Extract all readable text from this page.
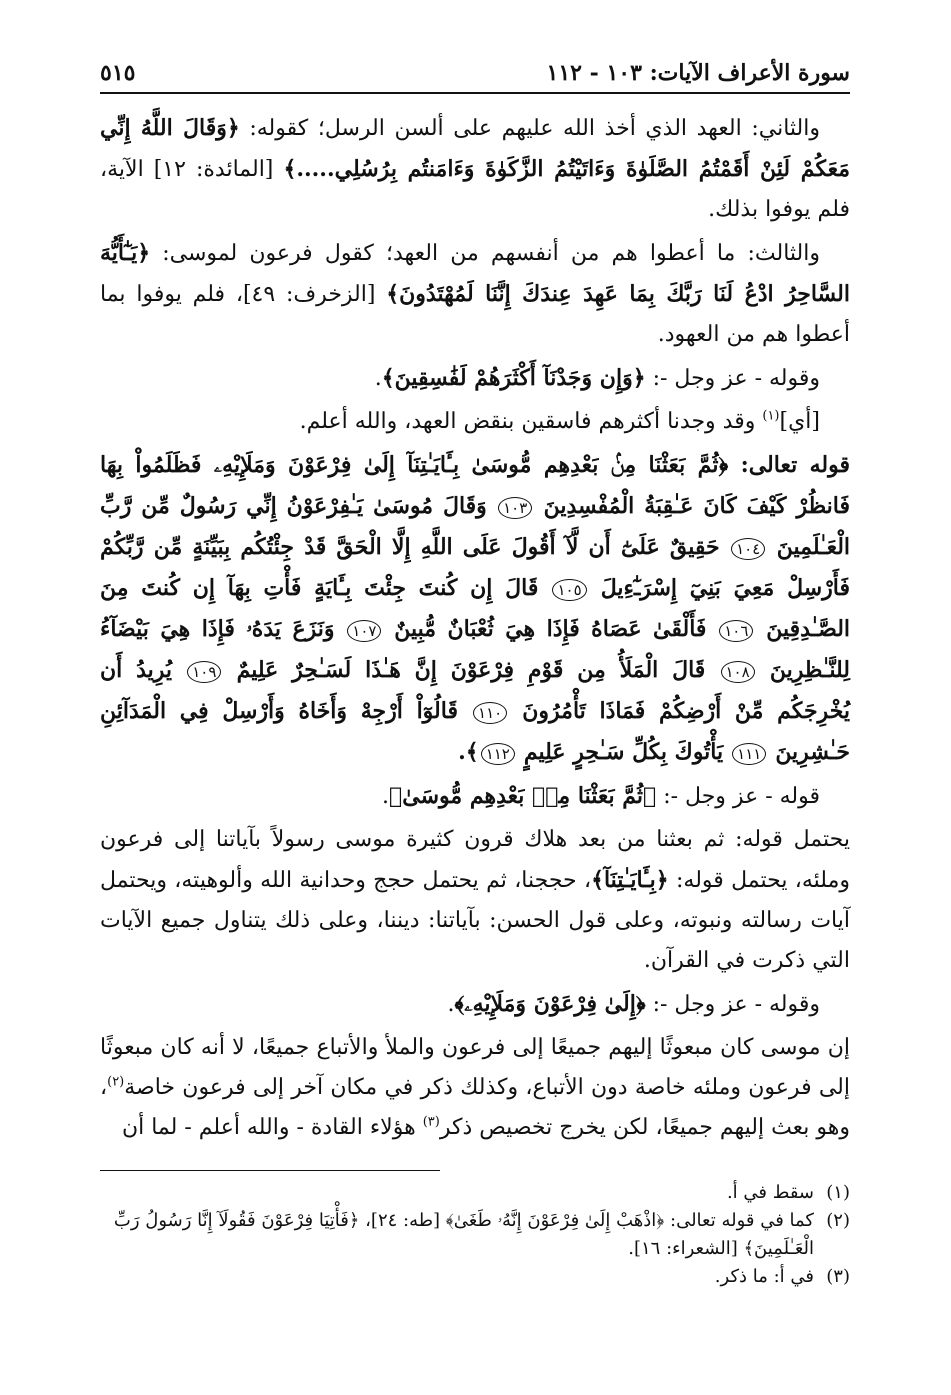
سورة الأعراف الآيات: ١٠٣ - ١١٢
٥١٥

والثاني: العهد الذي أخذ الله عليهم على ألسن الرسل؛ كقوله: ﴿وَقَالَ اللَّهُ إِنِّي مَعَكُمْ لَئِنْ أَقَمْتُمُ الصَّلَوٰةَ وَءَاتَيْتُمُ الزَّكَوٰةَ وَءَامَنتُم بِرُسُلِي.....﴾ [المائدة: ١٢] الآية، فلم يوفوا بذلك.

والثالث: ما أعطوا هم من أنفسهم من العهد؛ كقول فرعون لموسى: ﴿يَـٰٓأَيُّهَ السَّاحِرُ ادْعُ لَنَا رَبَّكَ بِمَا عَهِدَ عِندَكَ إِنَّنَا لَمُهْتَدُونَ﴾ [الزخرف: ٤٩]، فلم يوفوا بما أعطوا هم من العهود.

وقوله - عز وجل -: ﴿وَإِن وَجَدْنَآ أَكْثَرَهُمْ لَفَٰسِقِينَ﴾.

[أي]$^{(١)}$ وقد وجدنا أكثرهم فاسقين بنقض العهد، والله أعلم.

قوله تعالى: ﴿ثُمَّ بَعَثْنَا مِنۢ بَعْدِهِم مُّوسَىٰ بِـَٔايَـٰتِنَآ إِلَىٰ فِرْعَوْنَ وَمَلَإِيْهِۦ فَظَلَمُواْ بِهَا فَانظُرْ كَيْفَ كَانَ عَـٰقِبَةُ الْمُفْسِدِينَ ١٠٣ وَقَالَ مُوسَىٰ يَـٰفِرْعَوْنُ إِنِّي رَسُولٌ مِّن رَّبِّ الْعَـٰلَمِينَ ١٠٤ حَقِيقٌ عَلَىٰٓ أَن لَّآ أَقُولَ عَلَى اللَّهِ إِلَّا الْحَقَّ قَدْ جِئْتُكُم بِبَيِّنَةٍ مِّن رَّبِّكُمْ فَأَرْسِلْ مَعِيَ بَنِيٓ إِسْرَـٰٓءِيلَ ١٠٥ قَالَ إِن كُنتَ جِئْتَ بِـَٔايَةٍ فَأْتِ بِهَآ إِن كُنتَ مِنَ الصَّـٰدِقِينَ ١٠٦ فَأَلْقَىٰ عَصَاهُ فَإِذَا هِيَ ثُعْبَانٌ مُّبِينٌ ١٠٧ وَنَزَعَ يَدَهُۥ فَإِذَا هِيَ بَيْضَآءُ لِلنَّـٰظِرِينَ ١٠٨ قَالَ الْمَلَأُ مِن قَوْمِ فِرْعَوْنَ إِنَّ هَـٰذَا لَسَـٰحِرٌ عَلِيمٌ ١٠٩ يُرِيدُ أَن يُخْرِجَكُم مِّنْ أَرْضِكُمْ فَمَاذَا تَأْمُرُونَ ١١٠ قَالُوٓاْ أَرْجِهْ وَأَخَاهُ وَأَرْسِلْ فِي الْمَدَآئِنِ حَـٰشِرِينَ ١١١ يَأْتُوكَ بِكُلِّ سَـٰحِرٍ عَلِيمٍ ١١٢﴾.

قوله - عز وجل -: ﴿ثُمَّ بَعَثْنَا مِنۢ بَعْدِهِم مُّوسَىٰ﴾.

يحتمل قوله: ثم بعثنا من بعد هلاك قرون كثيرة موسى رسولاً بآياتنا إلى فرعون وملئه، يحتمل قوله: ﴿بِـَٔايَـٰتِنَآ﴾، حججنا، ثم يحتمل حجج وحدانية الله وألوهيته، ويحتمل آيات رسالته ونبوته، وعلى قول الحسن: بآياتنا: ديننا، وعلى ذلك يتناول جميع الآيات التي ذكرت في القرآن.

وقوله - عز وجل -: ﴿إِلَىٰ فِرْعَوْنَ وَمَلَإِيْهِۦ﴾.

إن موسى كان مبعوثًا إليهم جميعًا إلى فرعون والملأ والأتباع جميعًا، لا أنه كان مبعوثًا إلى فرعون وملئه خاصة دون الأتباع، وكذلك ذكر في مكان آخر إلى فرعون خاصة$^{(٢)}$، وهو بعث إليهم جميعًا، لكن يخرج تخصيص ذكر$^{(٣)}$ هؤلاء القادة - والله أعلم - لما أن

(١)
سقط في أ.
(٢)
كما في قوله تعالى: ﴿اذْهَبْ إِلَىٰ فِرْعَوْنَ إِنَّهُۥ طَغَىٰ﴾ [طه: ٢٤]، ﴿فَأْتِيَا فِرْعَوْنَ فَقُولَآ إِنَّا رَسُولُ رَبِّ الْعَـٰلَمِينَ﴾ [الشعراء: ١٦].
(٣)
في أ: ما ذكر.
